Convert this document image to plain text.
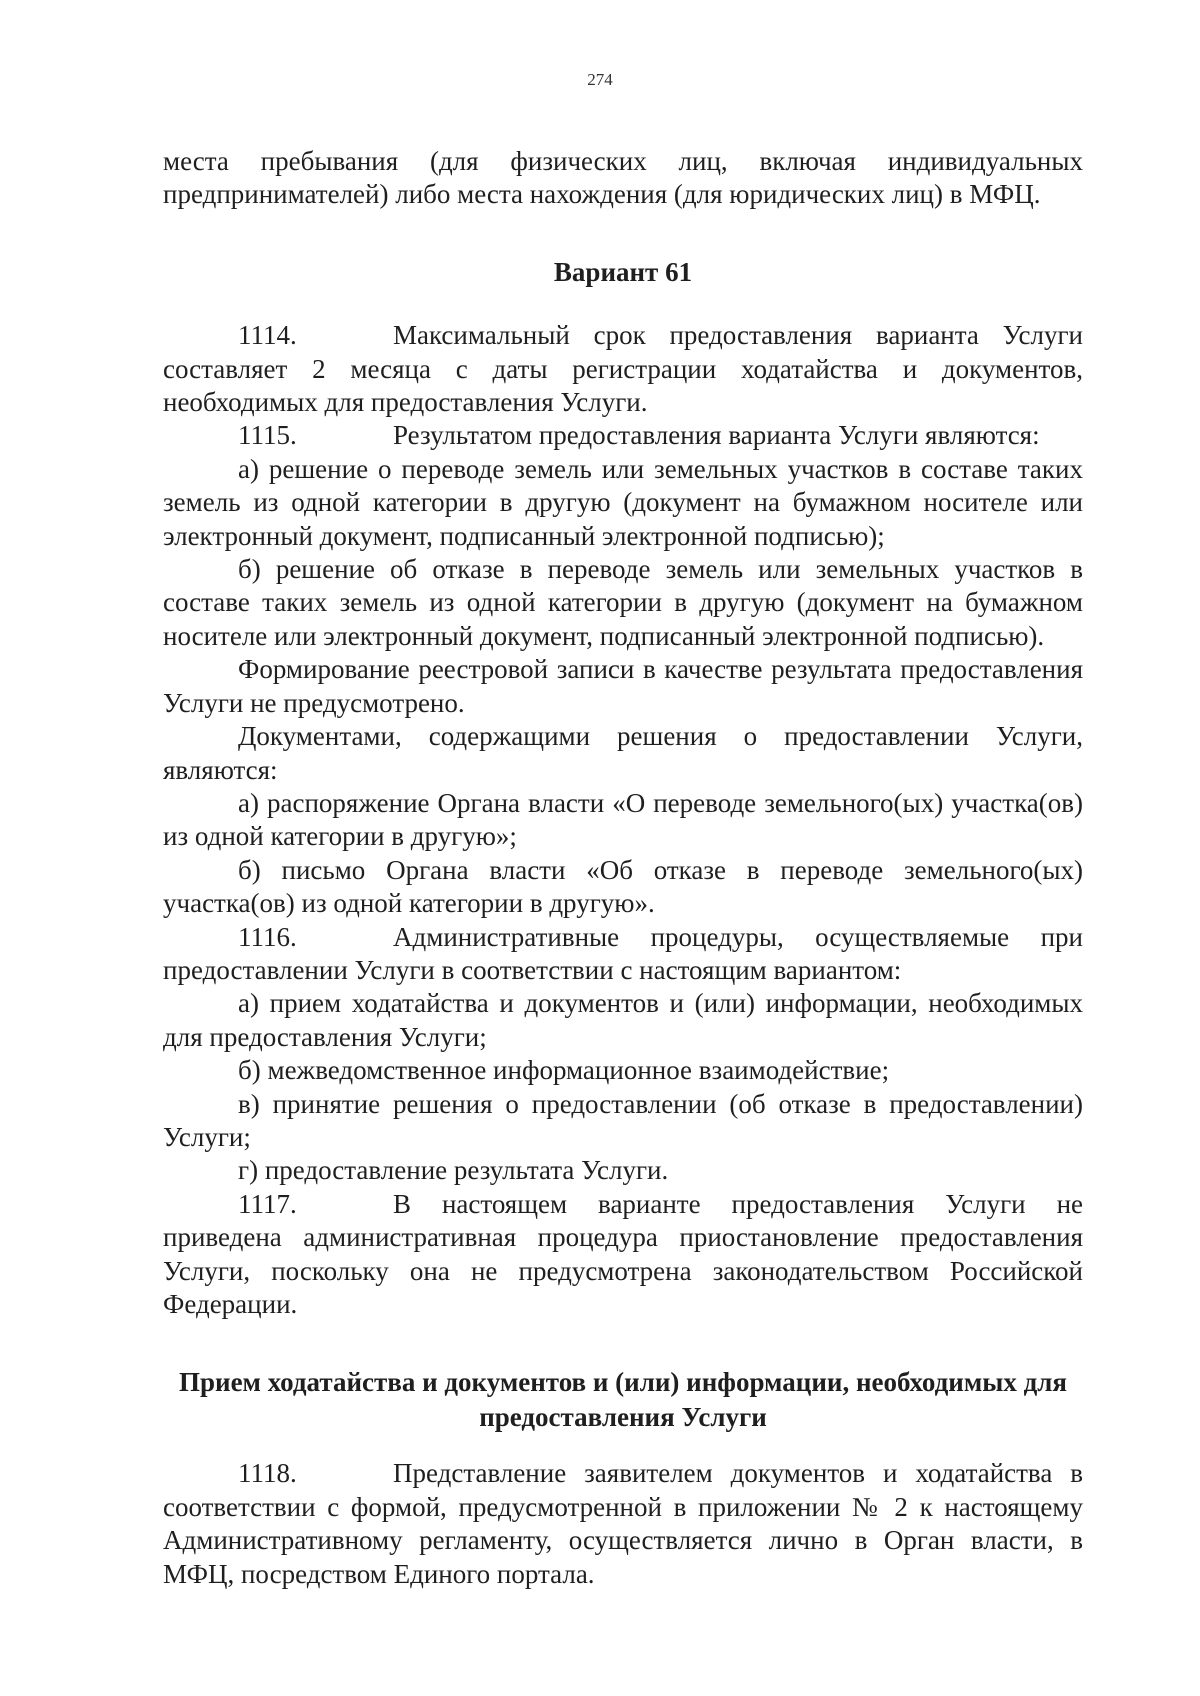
274

места пребывания (для физических лиц, включая индивидуальных предпринимателей) либо места нахождения (для юридических лиц) в МФЦ.

Вариант 61

1114.	Максимальный срок предоставления варианта Услуги составляет 2 месяца с даты регистрации ходатайства и документов, необходимых для предоставления Услуги.

1115.	Результатом предоставления варианта Услуги являются:

а) решение о переводе земель или земельных участков в составе таких земель из одной категории в другую (документ на бумажном носителе или электронный документ, подписанный электронной подписью);

б) решение об отказе в переводе земель или земельных участков в составе таких земель из одной категории в другую (документ на бумажном носителе или электронный документ, подписанный электронной подписью).

Формирование реестровой записи в качестве результата предоставления Услуги не предусмотрено.

Документами, содержащими решения о предоставлении Услуги, являются:

а) распоряжение Органа власти «О переводе земельного(ых) участка(ов) из одной категории в другую»;

б) письмо Органа власти «Об отказе в переводе земельного(ых) участка(ов) из одной категории в другую».

1116.	Административные процедуры, осуществляемые при предоставлении Услуги в соответствии с настоящим вариантом:

а) прием ходатайства и документов и (или) информации, необходимых для предоставления Услуги;

б) межведомственное информационное взаимодействие;

в) принятие решения о предоставлении (об отказе в предоставлении) Услуги;

г) предоставление результата Услуги.

1117.	В настоящем варианте предоставления Услуги не приведена административная процедура приостановление предоставления Услуги, поскольку она не предусмотрена законодательством Российской Федерации.

Прием ходатайства и документов и (или) информации, необходимых для предоставления Услуги

1118.	Представление заявителем документов и ходатайства в соответствии с формой, предусмотренной в приложении № 2 к настоящему Административному регламенту, осуществляется лично в Орган власти, в МФЦ, посредством Единого портала.
